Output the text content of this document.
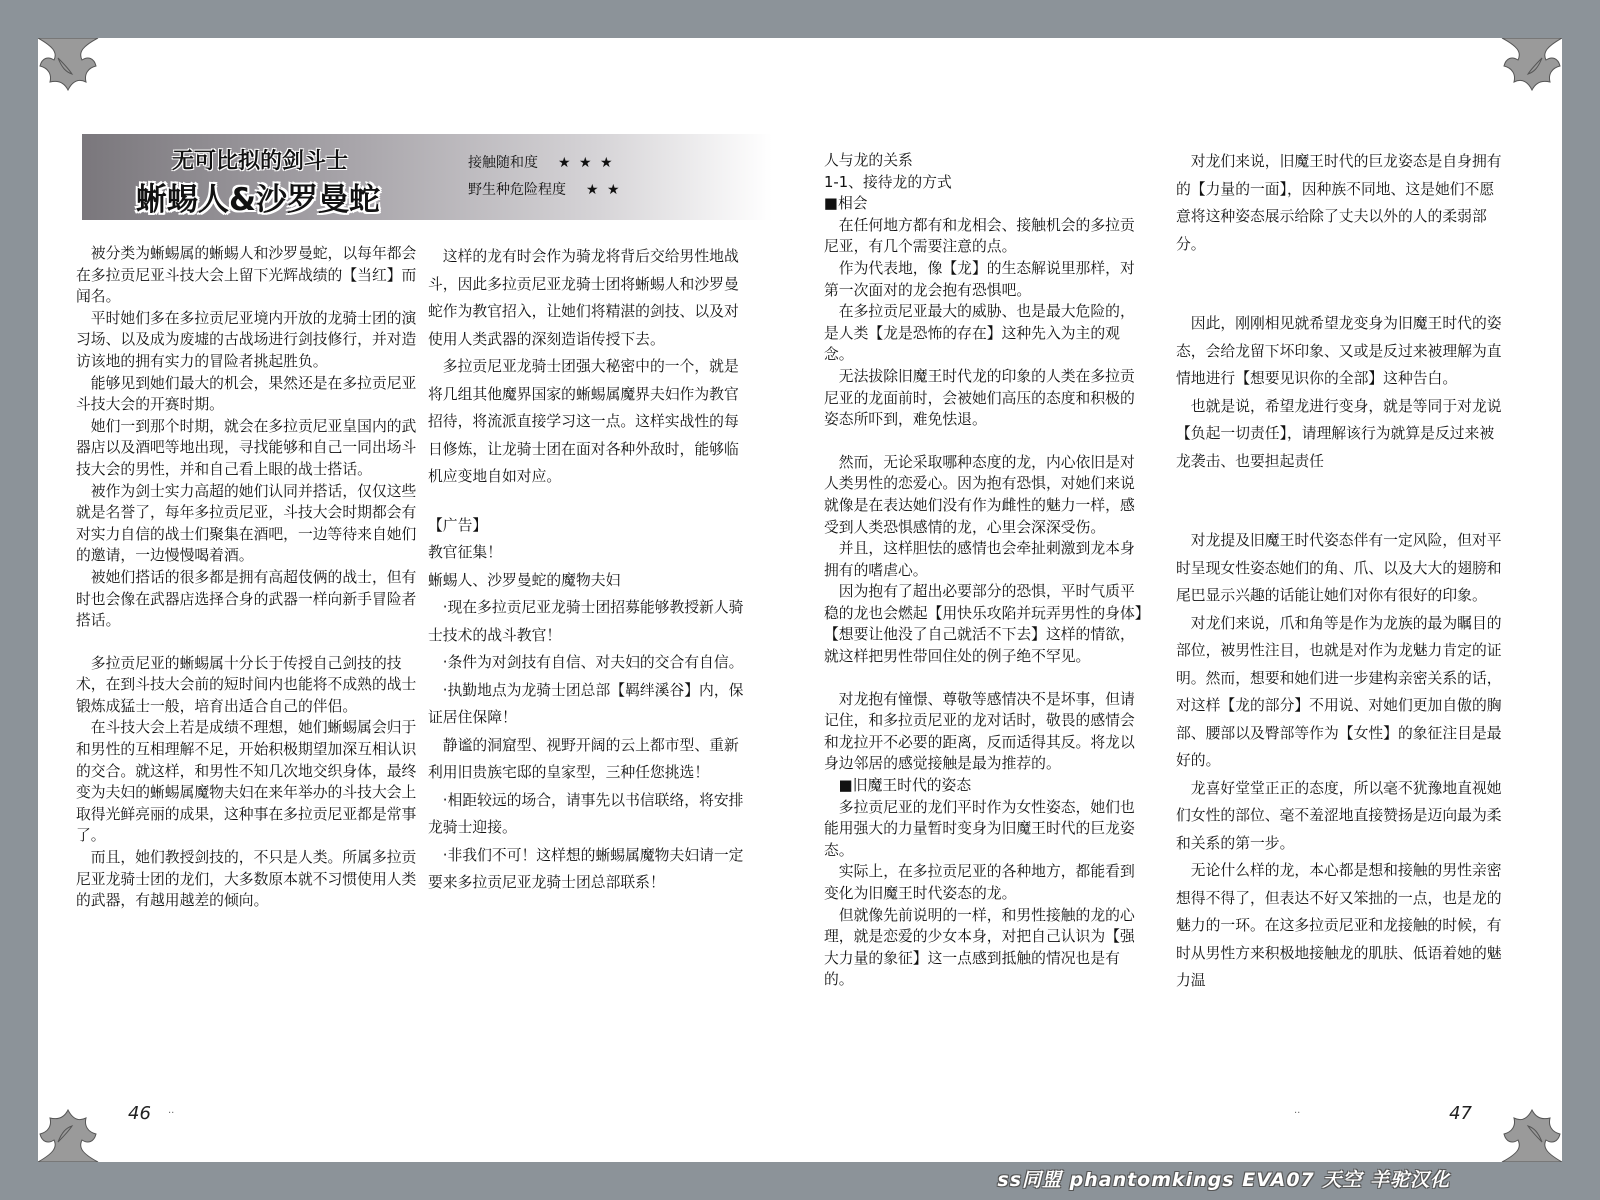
无可比拟的剑斗士
蜥蜴人&沙罗曼蛇
接触随和度 ★ ★ ★
野生种危险程度 ★ ★

被分类为蜥蜴属的蜥蜴人和沙罗曼蛇，以每年都会在多拉贡尼亚斗技大会上留下光辉战绩的【当红】而闻名。

平时她们多在多拉贡尼亚境内开放的龙骑士团的演习场、以及成为废墟的古战场进行剑技修行，并对造访该地的拥有实力的冒险者挑起胜负。

能够见到她们最大的机会，果然还是在多拉贡尼亚斗技大会的开赛时期。

她们一到那个时期，就会在多拉贡尼亚皇国内的武器店以及酒吧等地出现，寻找能够和自己一同出场斗技大会的男性，并和自己看上眼的战士搭话。

被作为剑士实力高超的她们认同并搭话，仅仅这些就是名誉了，每年多拉贡尼亚，斗技大会时期都会有对实力自信的战士们聚集在酒吧，一边等待来自她们的邀请，一边慢慢喝着酒。

被她们搭话的很多都是拥有高超伎俩的战士，但有时也会像在武器店选择合身的武器一样向新手冒险者搭话。

多拉贡尼亚的蜥蜴属十分长于传授自己剑技的技术，在到斗技大会前的短时间内也能将不成熟的战士锻炼成猛士一般，培育出适合自己的伴侣。

在斗技大会上若是成绩不理想，她们蜥蜴属会归于和男性的互相理解不足，开始积极期望加深互相认识的交合。就这样，和男性不知几次地交织身体，最终变为夫妇的蜥蜴属魔物夫妇在来年举办的斗技大会上取得光鲜亮丽的成果，这种事在多拉贡尼亚都是常事了。

而且，她们教授剑技的，不只是人类。所属多拉贡尼亚龙骑士团的龙们，大多数原本就不习惯使用人类的武器，有越用越差的倾向。

这样的龙有时会作为骑龙将背后交给男性地战斗，因此多拉贡尼亚龙骑士团将蜥蜴人和沙罗曼蛇作为教官招入，让她们将精湛的剑技、以及对使用人类武器的深刻造诣传授下去。

多拉贡尼亚龙骑士团强大秘密中的一个，就是将几组其他魔界国家的蜥蜴属魔界夫妇作为教官招待，将流派直接学习这一点。这样实战性的每日修炼，让龙骑士团在面对各种外敌时，能够临机应变地自如对应。

【广告】

教官征集！

蜥蜴人、沙罗曼蛇的魔物夫妇

·现在多拉贡尼亚龙骑士团招募能够教授新人骑士技术的战斗教官！

·条件为对剑技有自信、对夫妇的交合有自信。

·执勤地点为龙骑士团总部【羁绊溪谷】内，保证居住保障！

静谧的洞窟型、视野开阔的云上都市型、重新利用旧贵族宅邸的皇家型，三种任您挑选！

·相距较远的场合，请事先以书信联络，将安排龙骑士迎接。

·非我们不可！这样想的蜥蜴属魔物夫妇请一定要来多拉贡尼亚龙骑士团总部联系！

人与龙的关系

1-1、接待龙的方式

■相会

在任何地方都有和龙相会、接触机会的多拉贡尼亚，有几个需要注意的点。

作为代表地，像【龙】的生态解说里那样，对第一次面对的龙会抱有恐惧吧。

在多拉贡尼亚最大的威胁、也是最大危险的，是人类【龙是恐怖的存在】这种先入为主的观念。

无法拔除旧魔王时代龙的印象的人类在多拉贡尼亚的龙面前时，会被她们高压的态度和积极的姿态所吓到，难免怯退。

然而，无论采取哪种态度的龙，内心依旧是对人类男性的恋爱心。因为抱有恐惧，对她们来说就像是在表达她们没有作为雌性的魅力一样，感受到人类恐惧感情的龙，心里会深深受伤。

并且，这样胆怯的感情也会牵扯刺激到龙本身拥有的嗜虐心。

因为抱有了超出必要部分的恐惧，平时气质平稳的龙也会燃起【用快乐攻陷并玩弄男性的身体】【想要让他没了自己就活不下去】这样的情欲，就这样把男性带回住处的例子绝不罕见。

对龙抱有憧憬、尊敬等感情决不是坏事，但请记住，和多拉贡尼亚的龙对话时，敬畏的感情会和龙拉开不必要的距离，反而适得其反。将龙以身边邻居的感觉接触是最为推荐的。

■旧魔王时代的姿态

多拉贡尼亚的龙们平时作为女性姿态，她们也能用强大的力量暂时变身为旧魔王时代的巨龙姿态。

实际上，在多拉贡尼亚的各种地方，都能看到变化为旧魔王时代姿态的龙。

但就像先前说明的一样，和男性接触的龙的心理，就是恋爱的少女本身，对把自己认识为【强大力量的象征】这一点感到抵触的情况也是有的。

对龙们来说，旧魔王时代的巨龙姿态是自身拥有的【力量的一面】，因种族不同地、这是她们不愿意将这种姿态展示给除了丈夫以外的人的柔弱部分。

因此，刚刚相见就希望龙变身为旧魔王时代的姿态，会给龙留下坏印象、又或是反过来被理解为直情地进行【想要见识你的全部】这种告白。

也就是说，希望龙进行变身，就是等同于对龙说【负起一切责任】，请理解该行为就算是反过来被龙袭击、也要担起责任

对龙提及旧魔王时代姿态伴有一定风险，但对平时呈现女性姿态她们的角、爪、以及大大的翅膀和尾巴显示兴趣的话能让她们对你有很好的印象。

对龙们来说，爪和角等是作为龙族的最为瞩目的部位，被男性注目，也就是对作为龙魅力肯定的证明。然而，想要和她们进一步建构亲密关系的话，对这样【龙的部分】不用说、对她们更加自傲的胸部、腰部以及臀部等作为【女性】的象征注目是最好的。

龙喜好堂堂正正的态度，所以毫不犹豫地直视她们女性的部位、毫不羞涩地直接赞扬是迈向最为柔和关系的第一步。

无论什么样的龙，本心都是想和接触的男性亲密想得不得了，但表达不好又笨拙的一点，也是龙的魅力的一环。在这多拉贡尼亚和龙接触的时候，有时从男性方来积极地接触龙的肌肤、低语着她的魅力温

46 ..	..	47
ss同盟 phantomkings EVA07 天空 羊驼汉化
